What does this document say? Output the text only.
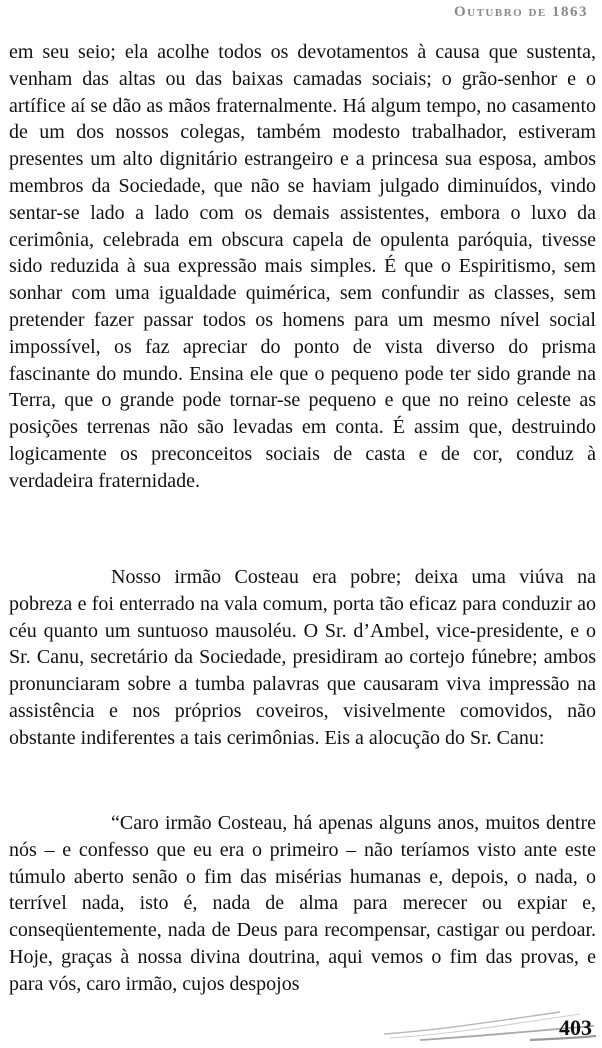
Outubro de 1863

em seu seio; ela acolhe todos os devotamentos à causa que sustenta, venham das altas ou das baixas camadas sociais; o grão-senhor e o artífice aí se dão as mãos fraternalmente. Há algum tempo, no casamento de um dos nossos colegas, também modesto trabalhador, estiveram presentes um alto dignitário estrangeiro e a princesa sua esposa, ambos membros da Sociedade, que não se haviam julgado diminuídos, vindo sentar-se lado a lado com os demais assistentes, embora o luxo da cerimônia, celebrada em obscura capela de opulenta paróquia, tivesse sido reduzida à sua expressão mais simples. É que o Espiritismo, sem sonhar com uma igualdade quimérica, sem confundir as classes, sem pretender fazer passar todos os homens para um mesmo nível social impossível, os faz apreciar do ponto de vista diverso do prisma fascinante do mundo. Ensina ele que o pequeno pode ter sido grande na Terra, que o grande pode tornar-se pequeno e que no reino celeste as posições terrenas não são levadas em conta. É assim que, destruindo logicamente os preconceitos sociais de casta e de cor, conduz à verdadeira fraternidade.

Nosso irmão Costeau era pobre; deixa uma viúva na pobreza e foi enterrado na vala comum, porta tão eficaz para conduzir ao céu quanto um suntuoso mausoléu. O Sr. d’Ambel, vice-presidente, e o Sr. Canu, secretário da Sociedade, presidiram ao cortejo fúnebre; ambos pronunciaram sobre a tumba palavras que causaram viva impressão na assistência e nos próprios coveiros, visivelmente comovidos, não obstante indiferentes a tais cerimônias. Eis a alocução do Sr. Canu:

“Caro irmão Costeau, há apenas alguns anos, muitos dentre nós – e confesso que eu era o primeiro – não teríamos visto ante este túmulo aberto senão o fim das misérias humanas e, depois, o nada, o terrível nada, isto é, nada de alma para merecer ou expiar e, conseqüentemente, nada de Deus para recompensar, castigar ou perdoar. Hoje, graças à nossa divina doutrina, aqui vemos o fim das provas, e para vós, caro irmão, cujos despojos

403
